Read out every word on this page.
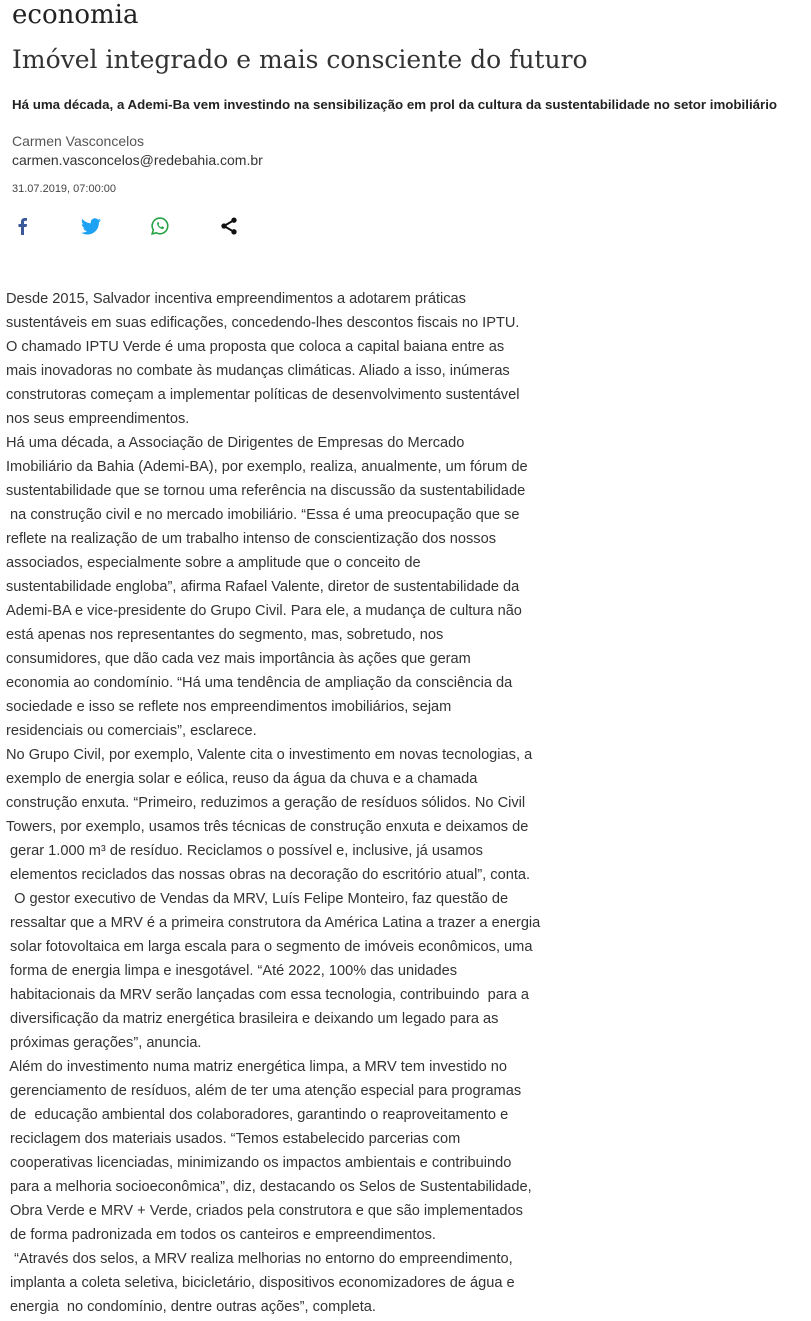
economia
Imóvel integrado e mais consciente do futuro

Há uma década, a Ademi-Ba vem investindo na sensibilização em prol da cultura da sustentabilidade no setor imobiliário

Carmen Vasconcelos
carmen.vasconcelos@redebahia.com.br
31.07.2019, 07:00:00
Desde 2015, Salvador incentiva empreendimentos a adotarem práticas
sustentáveis em suas edificações, concedendo-lhes descontos fiscais no IPTU.
O chamado IPTU Verde é uma proposta que coloca a capital baiana entre as
mais inovadoras no combate às mudanças climáticas. Aliado a isso, inúmeras
construtoras começam a implementar políticas de desenvolvimento sustentável
nos seus empreendimentos.
Há uma década, a Associação de Dirigentes de Empresas do Mercado
Imobiliário da Bahia (Ademi-BA), por exemplo, realiza, anualmente, um fórum de
sustentabilidade que se tornou uma referência na discussão da sustentabilidade
na construção civil e no mercado imobiliário. “Essa é uma preocupação que se
reflete na realização de um trabalho intenso de conscientização dos nossos
associados, especialmente sobre a amplitude que o conceito de
sustentabilidade engloba”, afirma Rafael Valente, diretor de sustentabilidade da
Ademi-BA e vice-presidente do Grupo Civil. Para ele, a mudança de cultura não
está apenas nos representantes do segmento, mas, sobretudo, nos
consumidores, que dão cada vez mais importância às ações que geram
economia ao condomínio. “Há uma tendência de ampliação da consciência da
sociedade e isso se reflete nos empreendimentos imobiliários, sejam
residenciais ou comerciais”, esclarece.
No Grupo Civil, por exemplo, Valente cita o investimento em novas tecnologias, a
exemplo de energia solar e eólica, reuso da água da chuva e a chamada
construção enxuta. “Primeiro, reduzimos a geração de resíduos sólidos. No Civil
Towers, por exemplo, usamos três técnicas de construção enxuta e deixamos de
gerar 1.000 m³ de resíduo. Reciclamos o possível e, inclusive, já usamos
elementos reciclados das nossas obras na decoração do escritório atual”, conta.
O gestor executivo de Vendas da MRV, Luís Felipe Monteiro, faz questão de
ressaltar que a MRV é a primeira construtora da América Latina a trazer a energia
solar fotovoltaica em larga escala para o segmento de imóveis econômicos, uma
forma de energia limpa e inesgotável. “Até 2022, 100% das unidades
habitacionais da MRV serão lançadas com essa tecnologia, contribuindo  para a
diversificação da matriz energética brasileira e deixando um legado para as
próximas gerações”, anuncia.
Além do investimento numa matriz energética limpa, a MRV tem investido no
gerenciamento de resíduos, além de ter uma atenção especial para programas
de  educação ambiental dos colaboradores, garantindo o reaproveitamento e
reciclagem dos materiais usados. “Temos estabelecido parcerias com
cooperativas licenciadas, minimizando os impactos ambientais e contribuindo
para a melhoria socioeconômica”, diz, destacando os Selos de Sustentabilidade,
Obra Verde e MRV + Verde, criados pela construtora e que são implementados
de forma padronizada em todos os canteiros e empreendimentos.
“Através dos selos, a MRV realiza melhorias no entorno do empreendimento,
implanta a coleta seletiva, bicicletário, dispositivos economizadores de água e
energia  no condomínio, dentre outras ações”, completa.
